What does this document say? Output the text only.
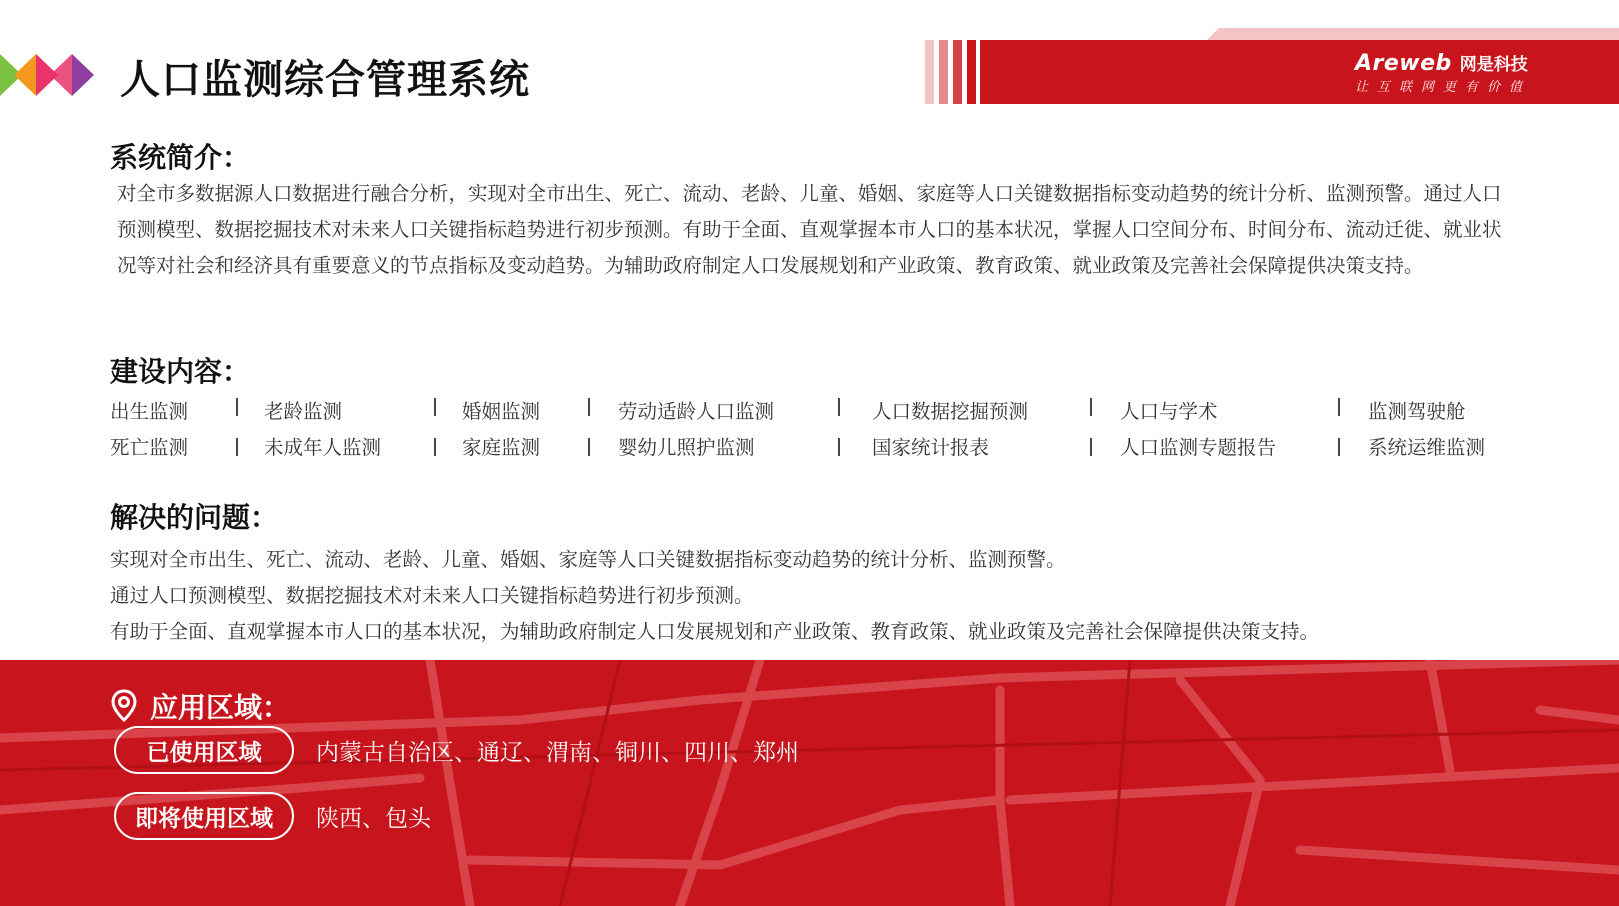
人口监测综合管理系统	Areweb 网是科技
让互联网更有价值
系统简介：
对全市多数据源人口数据进行融合分析，实现对全市出生、死亡、流动、老龄、儿童、婚姻、家庭等人口关键数据指标变动趋势的统计分析、监测预警。通过人口预测模型、数据挖掘技术对未来人口关键指标趋势进行初步预测。有助于全面、直观掌握本市人口的基本状况，掌握人口空间分布、时间分布、流动迁徙、就业状况等对社会和经济具有重要意义的节点指标及变动趋势。为辅助政府制定人口发展规划和产业政策、教育政策、就业政策及完善社会保障提供决策支持。
建设内容：
出生监测	老龄监测	婚姻监测	劳动适龄人口监测	人口数据挖掘预测	人口与学术	监测驾驶舱
死亡监测	未成年人监测	家庭监测	婴幼儿照护监测	国家统计报表	人口监测专题报告	系统运维监测
解决的问题：
实现对全市出生、死亡、流动、老龄、儿童、婚姻、家庭等人口关键数据指标变动趋势的统计分析、监测预警。
通过人口预测模型、数据挖掘技术对未来人口关键指标趋势进行初步预测。
有助于全面、直观掌握本市人口的基本状况，为辅助政府制定人口发展规划和产业政策、教育政策、就业政策及完善社会保障提供决策支持。
应用区域：
已使用区域	内蒙古自治区、通辽、渭南、铜川、四川、郑州
即将使用区域	陕西、包头
